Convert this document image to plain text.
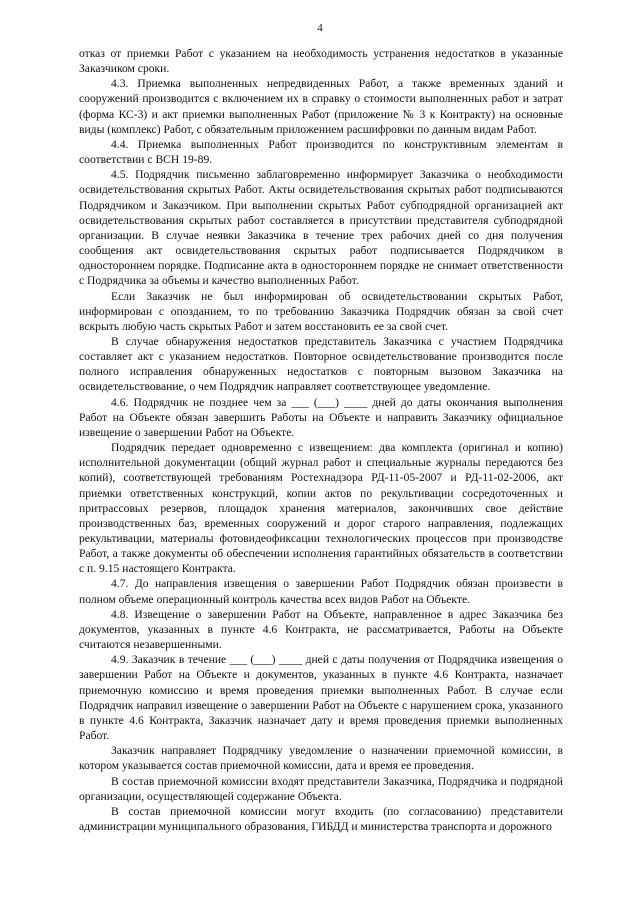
4

отказ от приемки Работ с указанием на необходимость устранения недостатков в указанные Заказчиком сроки.

4.3. Приемка выполненных непредвиденных Работ, а также временных зданий и сооружений производится с включением их в справку о стоимости выполненных работ и затрат (форма КС-3) и акт приемки выполненных Работ (приложение № 3 к Контракту) на основные виды (комплекс) Работ, с обязательным приложением расшифровки по данным видам Работ.

4.4. Приемка выполненных Работ производится по конструктивным элементам в соответствии с ВСН 19-89.

4.5. Подрядчик письменно заблаговременно информирует Заказчика о необходимости освидетельствования скрытых Работ. Акты освидетельствования скрытых работ подписываются Подрядчиком и Заказчиком. При выполнении скрытых Работ субподрядной организацией акт освидетельствования скрытых работ составляется в присутствии представителя субподрядной организации. В случае неявки Заказчика в течение трех рабочих дней со дня получения сообщения акт освидетельствования скрытых работ подписывается Подрядчиком в одностороннем порядке. Подписание акта в одностороннем порядке не снимает ответственности с Подрядчика за объемы и качество выполненных Работ.

Если Заказчик не был информирован об освидетельствовании скрытых Работ, информирован с опозданием, то по требованию Заказчика Подрядчик обязан за свой счет вскрыть любую часть скрытых Работ и затем восстановить ее за свой счет.

В случае обнаружения недостатков представитель Заказчика с участием Подрядчика составляет акт с указанием недостатков. Повторное освидетельствование производится после полного исправления обнаруженных недостатков с повторным вызовом Заказчика на освидетельствование, о чем Подрядчик направляет соответствующее уведомление.

4.6. Подрядчик не позднее чем за ___ (___) ____ дней до даты окончания выполнения Работ на Объекте обязан завершить Работы на Объекте и направить Заказчику официальное извещение о завершении Работ на Объекте.

Подрядчик передает одновременно с извещением: два комплекта (оригинал и копию) исполнительной документации (общий журнал работ и специальные журналы передаются без копий), соответствующей требованиям Ростехнадзора РД-11-05-2007 и РД-11-02-2006, акт приемки ответственных конструкций, копии актов по рекультивации сосредоточенных и притрассовых резервов, площадок хранения материалов, закончивших свое действие производственных баз, временных сооружений и дорог старого направления, подлежащих рекультивации, материалы фотовидеофиксации технологических процессов при производстве Работ, а также документы об обеспечении исполнения гарантийных обязательств в соответствии с п. 9.15 настоящего Контракта.

4.7. До направления извещения о завершении Работ Подрядчик обязан произвести в полном объеме операционный контроль качества всех видов Работ на Объекте.

4.8. Извещение о завершении Работ на Объекте, направленное в адрес Заказчика без документов, указанных в пункте 4.6 Контракта, не рассматривается, Работы на Объекте считаются незавершенными.

4.9. Заказчик в течение ___ (___) ____ дней с даты получения от Подрядчика извещения о завершении Работ на Объекте и документов, указанных в пункте 4.6 Контракта, назначает приемочную комиссию и время проведения приемки выполненных Работ. В случае если Подрядчик направил извещение о завершении Работ на Объекте с нарушением срока, указанного в пункте 4.6 Контракта, Заказчик назначает дату и время проведения приемки выполненных Работ.

Заказчик направляет Подрядчику уведомление о назначении приемочной комиссии, в котором указывается состав приемочной комиссии, дата и время ее проведения.

В состав приемочной комиссии входят представители Заказчика, Подрядчика и подрядной организации, осуществляющей содержание Объекта.

В состав приемочной комиссии могут входить (по согласованию) представители администрации муниципального образования, ГИБДД и министерства транспорта и дорожного
